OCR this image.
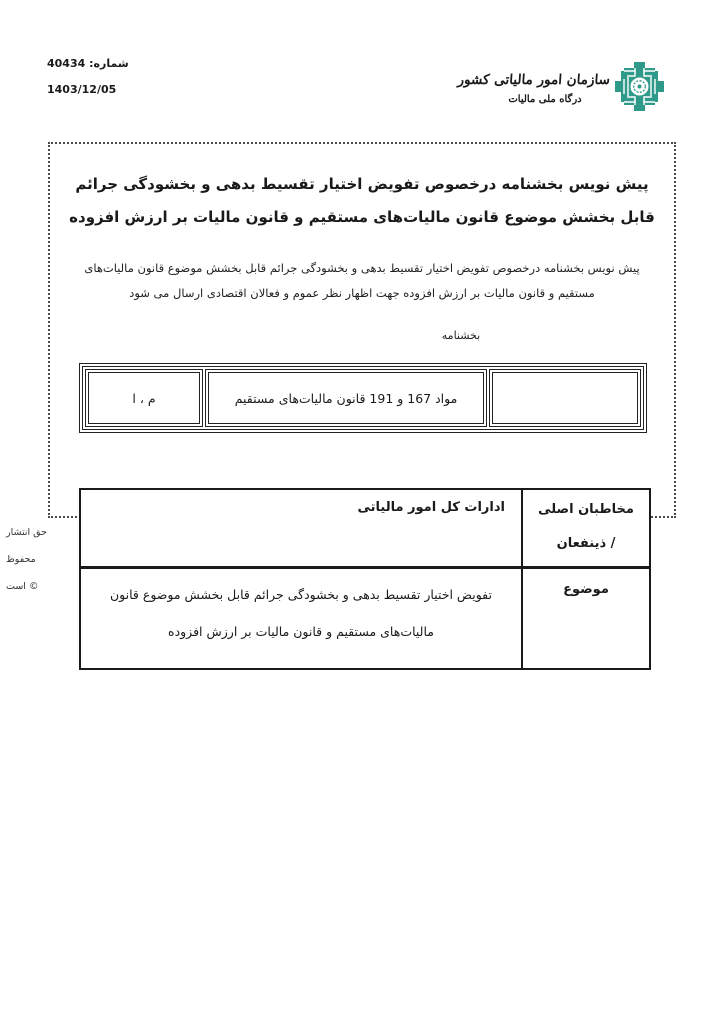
شماره: 40434
1403/12/05
سازمان امور مالیاتی کشور
درگاه ملی مالیات
پیش نویس بخشنامه درخصوص تفویض اختیار تقسیط بدهی و بخشودگی جرائم
قابل بخشش موضوع قانون مالیات‌های مستقیم و قانون مالیات بر ارزش افزوده
پیش نویس بخشنامه درخصوص تفویض اختیار تقسیط بدهی و بخشودگی جرائم قابل بخشش موضوع قانون مالیات‌های
مستقیم و قانون مالیات بر ارزش افزوده جهت اظهار نظر عموم و فعالان اقتصادی ارسال می شود
بخشنامه
مواد 167 و 191 قانون مالیات‌های مستقیم
م ، ا
حق انتشار
محفوظ
© است
مخاطبان اصلی
/ ذینفعان
ادارات کل امور مالیاتی
موضوع
تفویض اختیار تقسیط بدهی و بخشودگی جرائم قابل بخشش موضوع قانون
مالیات‌های مستقیم و قانون مالیات بر ارزش افزوده
